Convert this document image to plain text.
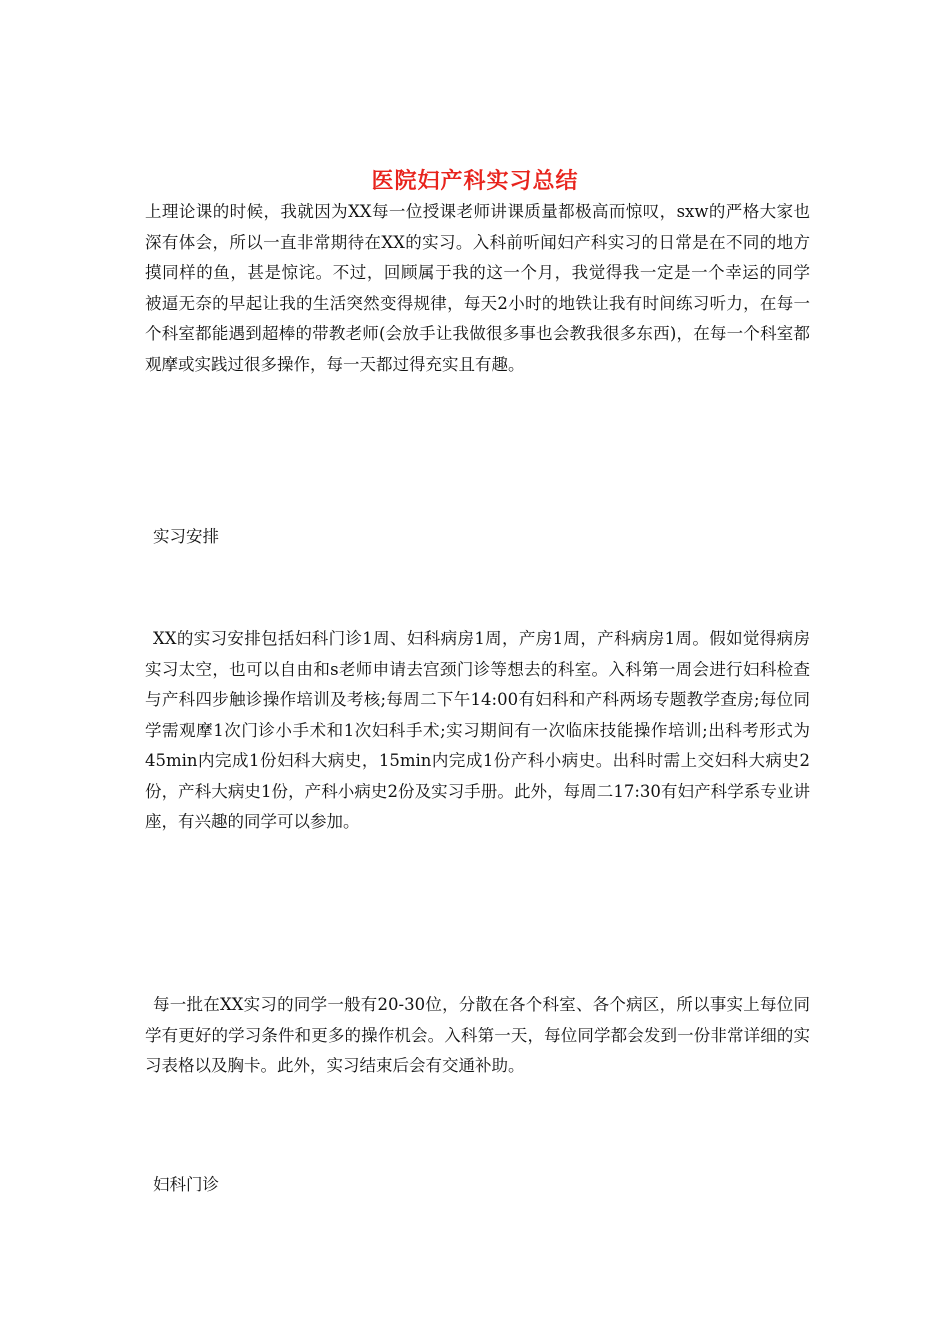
医院妇产科实习总结

上理论课的时候，我就因为XX每一位授课老师讲课质量都极高而惊叹，sxw的严格大家也深有体会，所以一直非常期待在XX的实习。入科前听闻妇产科实习的日常是在不同的地方摸同样的鱼，甚是惊诧。不过，回顾属于我的这一个月，我觉得我一定是一个幸运的同学 被逼无奈的早起让我的生活突然变得规律，每天2小时的地铁让我有时间练习听力，在每一个科室都能遇到超棒的带教老师(会放手让我做很多事也会教我很多东西)，在每一个科室都观摩或实践过很多操作，每一天都过得充实且有趣。

实习安排

XX的实习安排包括妇科门诊1周、妇科病房1周，产房1周，产科病房1周。假如觉得病房实习太空，也可以自由和s老师申请去宫颈门诊等想去的科室。入科第一周会进行妇科检查与产科四步触诊操作培训及考核;每周二下午14:00有妇科和产科两场专题教学查房;每位同学需观摩1次门诊小手术和1次妇科手术;实习期间有一次临床技能操作培训;出科考形式为45min内完成1份妇科大病史，15min内完成1份产科小病史。出科时需上交妇科大病史2份，产科大病史1份，产科小病史2份及实习手册。此外，每周二17:30有妇产科学系专业讲座，有兴趣的同学可以参加。

每一批在XX实习的同学一般有20-30位，分散在各个科室、各个病区，所以事实上每位同学有更好的学习条件和更多的操作机会。入科第一天，每位同学都会发到一份非常详细的实习表格以及胸卡。此外，实习结束后会有交通补助。

妇科门诊
